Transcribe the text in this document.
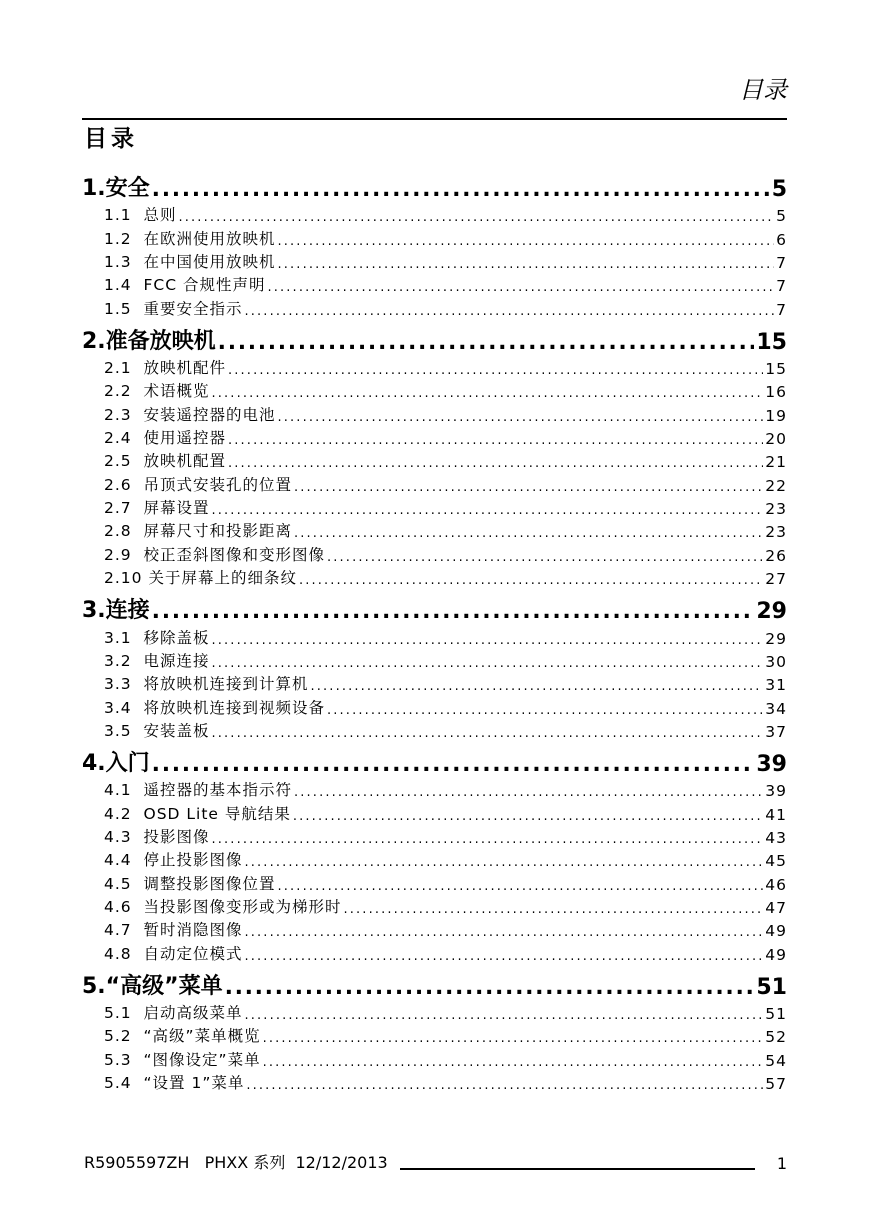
目录
目录
1.安全 . . .	5
1.1  总则 . . .	5
1.2  在欧洲使用放映机 . . .	6
1.3  在中国使用放映机 . . .	7
1.4  FCC 合规性声明 . . .	7
1.5  重要安全指示 . . .	7
2.准备放映机 . . .	15
2.1  放映机配件 . . .	15
2.2  术语概览 . . .	16
2.3  安装遥控器的电池 . . .	19
2.4  使用遥控器 . . .	20
2.5  放映机配置 . . .	21
2.6  吊顶式安装孔的位置 . . .	22
2.7  屏幕设置 . . .	23
2.8  屏幕尺寸和投影距离 . . .	23
2.9  校正歪斜图像和变形图像 . . .	26
2.10 关于屏幕上的细条纹 . . .	27
3.连接 . . .	29
3.1  移除盖板 . . .	29
3.2  电源连接 . . .	30
3.3  将放映机连接到计算机 . . .	31
3.4  将放映机连接到视频设备 . . .	34
3.5  安装盖板 . . .	37
4.入门 . . .	39
4.1  遥控器的基本指示符 . . .	39
4.2  OSD Lite 导航结果 . . .	41
4.3  投影图像 . . .	43
4.4  停止投影图像 . . .	45
4.5  调整投影图像位置 . . .	46
4.6  当投影图像变形或为梯形时 . . .	47
4.7  暂时消隐图像 . . .	49
4.8  自动定位模式 . . .	49
5.“高级”菜单 . . .	51
5.1  启动高级菜单 . . .	51
5.2  “高级”菜单概览 . . .	52
5.3  “图像设定”菜单 . . .	54
5.4  “设置 1”菜单 . . .	57
R5905597ZH   PHXX 系列  12/12/2013	1
